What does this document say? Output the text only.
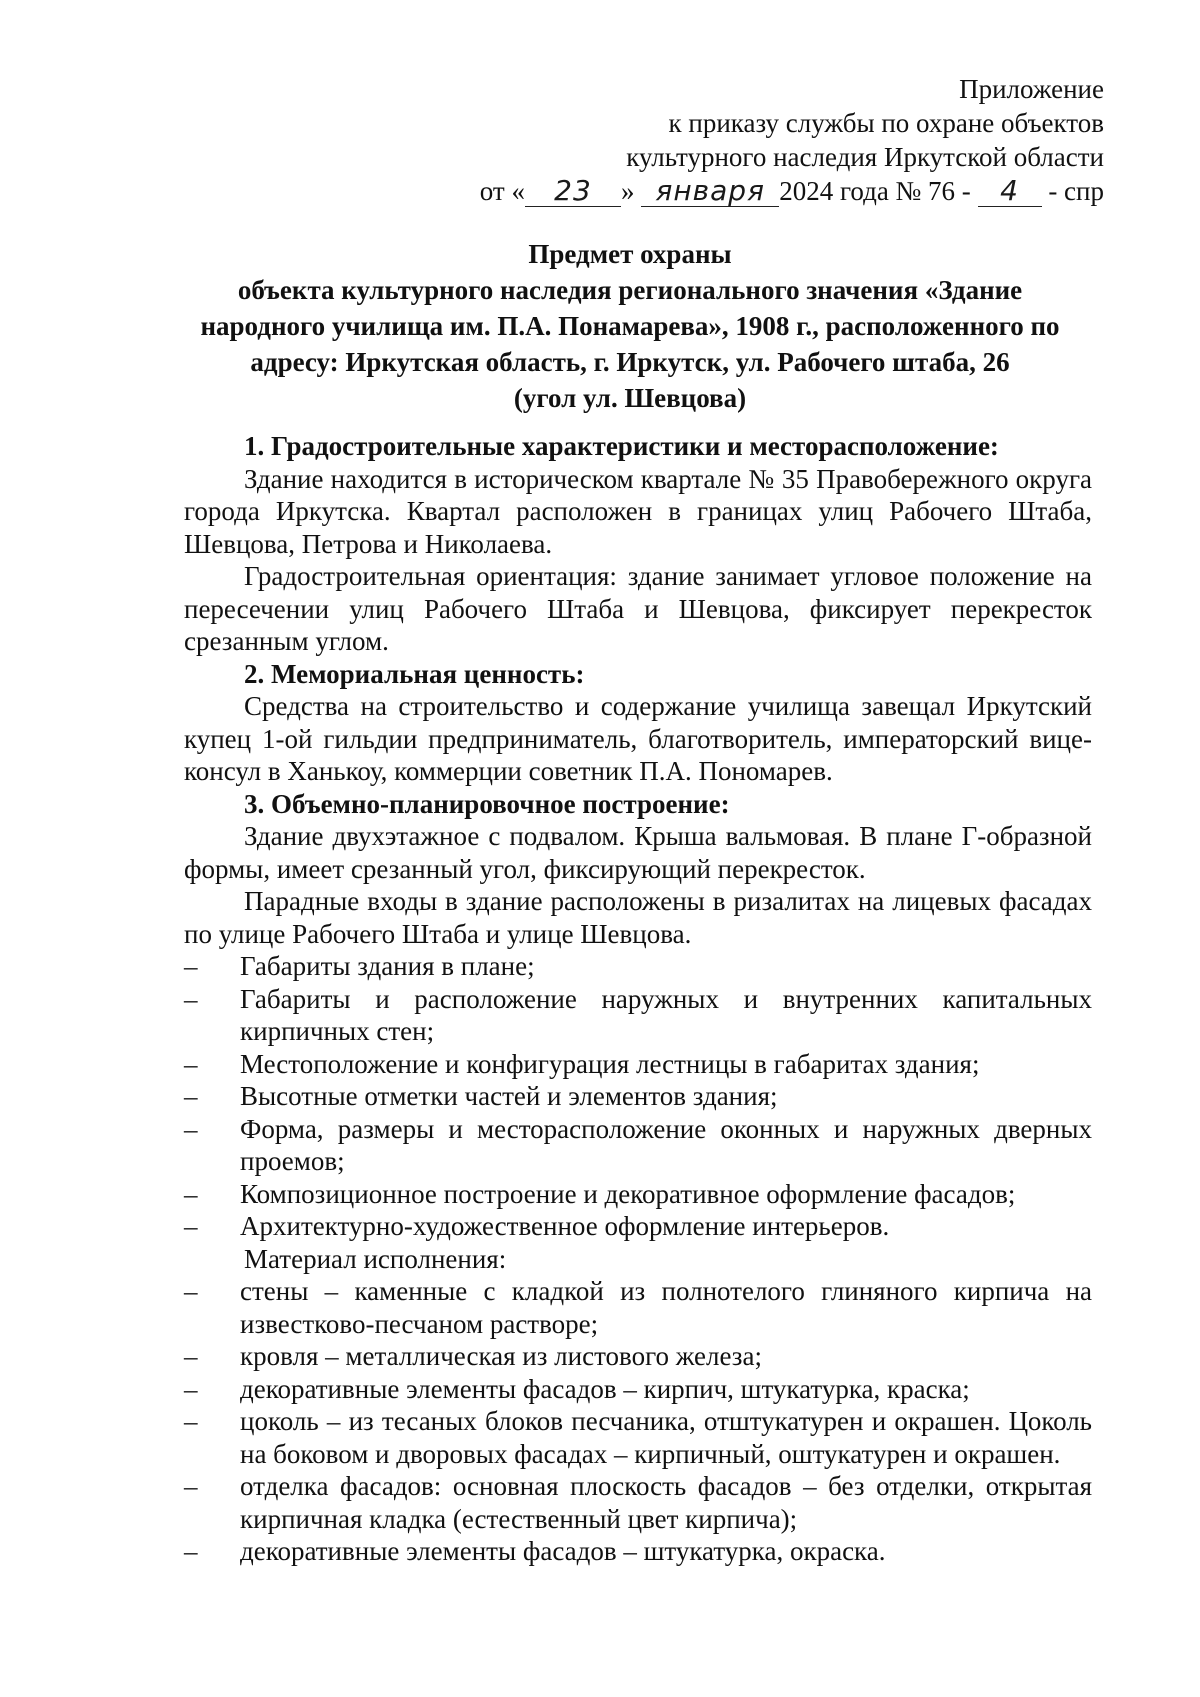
Приложение
к приказу службы по охране объектов
культурного наследия Иркутской области
от « 23 » января 2024 года № 76 - 4 - спр
Предмет охраны
объекта культурного наследия регионального значения «Здание
народного училища им. П.А. Понамарева», 1908 г., расположенного по
адресу: Иркутская область, г. Иркутск, ул. Рабочего штаба, 26
(угол ул. Шевцова)
1. Градостроительные характеристики и месторасположение:
Здание находится в историческом квартале № 35 Правобережного округа города Иркутска. Квартал расположен в границах улиц Рабочего Штаба, Шевцова, Петрова и Николаева.
Градостроительная ориентация: здание занимает угловое положение на пересечении улиц Рабочего Штаба и Шевцова, фиксирует перекресток срезанным углом.
2. Мемориальная ценность:
Средства на строительство и содержание училища завещал Иркутский купец 1-ой гильдии предприниматель, благотворитель, императорский вице-консул в Ханькоу, коммерции советник П.А. Пономарев.
3. Объемно-планировочное построение:
Здание двухэтажное с подвалом. Крыша вальмовая. В плане Г-образной формы, имеет срезанный угол, фиксирующий перекресток.
Парадные входы в здание расположены в ризалитах на лицевых фасадах по улице Рабочего Штаба и улице Шевцова.
– Габариты здания в плане;
– Габариты и расположение наружных и внутренних капитальных кирпичных стен;
– Местоположение и конфигурация лестницы в габаритах здания;
– Высотные отметки частей и элементов здания;
– Форма, размеры и месторасположение оконных и наружных дверных проемов;
– Композиционное построение и декоративное оформление фасадов;
– Архитектурно-художественное оформление интерьеров.
Материал исполнения:
– стены – каменные с кладкой из полнотелого глиняного кирпича на известково-песчаном растворе;
– кровля – металлическая из листового железа;
– декоративные элементы фасадов – кирпич, штукатурка, краска;
– цоколь – из тесаных блоков песчаника, отштукатурен и окрашен. Цоколь на боковом и дворовых фасадах – кирпичный, оштукатурен и окрашен.
– отделка фасадов: основная плоскость фасадов – без отделки, открытая кирпичная кладка (естественный цвет кирпича);
– декоративные элементы фасадов – штукатурка, окраска.
